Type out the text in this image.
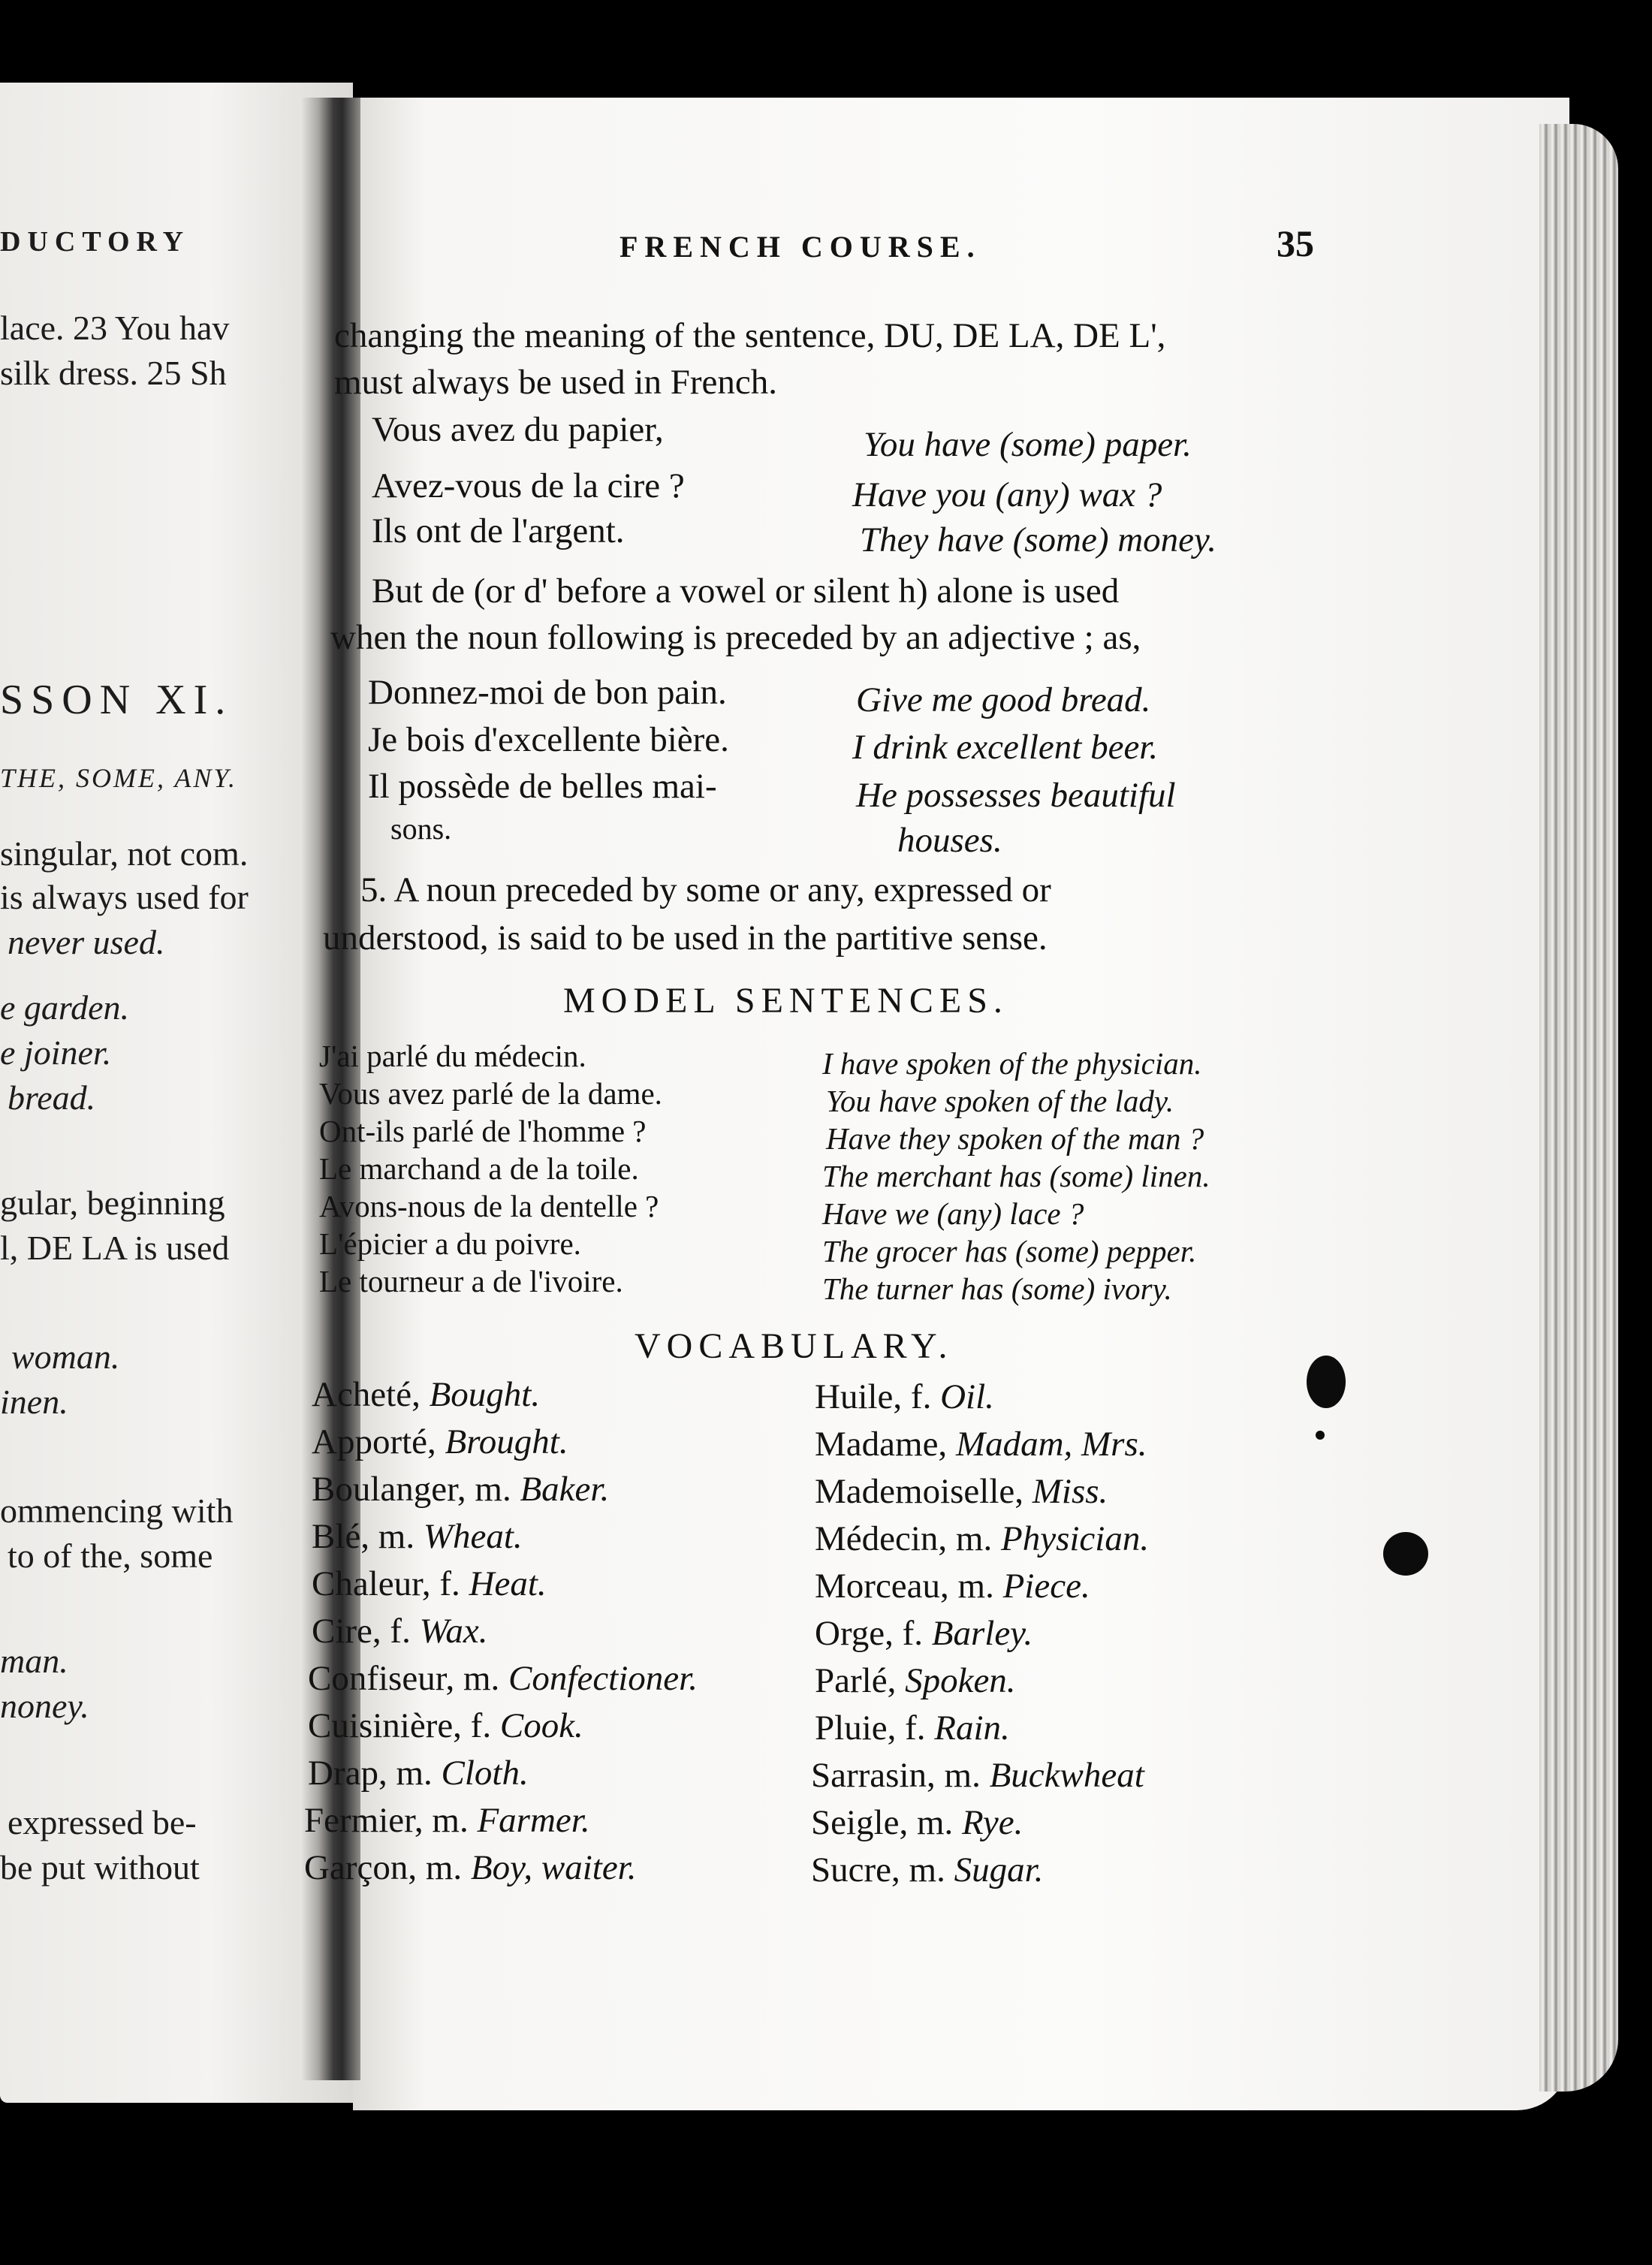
DUCTORY
lace. 23 You hav
silk dress. 25 Sh
SSON XI.
THE, SOME, ANY.
singular, not com.
is always used for
never used.
e garden.
e joiner.
bread.
gular, beginning
l, DE LA is used
woman.
inen.
ommencing with
to of the, some
man.
noney.
expressed be-
be put without
FRENCH COURSE.	35
changing the meaning of the sentence, DU, DE LA, DE L',
must always be used in French.
Vous avez du papier,	You have (some) paper.
Avez-vous de la cire ?	Have you (any) wax ?
Ils ont de l'argent.	They have (some) money.
But de (or d' before a vowel or silent h) alone is used
when the noun following is preceded by an adjective ; as,
Donnez-moi de bon pain.	Give me good bread.
Je bois d'excellente bière.	I drink excellent beer.
Il possède de belles mai-	He possesses beautiful
sons.	houses.
5. A noun preceded by some or any, expressed or
understood, is said to be used in the partitive sense.
MODEL SENTENCES.
J'ai parlé du médecin.	I have spoken of the physician.
Vous avez parlé de la dame.	You have spoken of the lady.
Ont-ils parlé de l'homme ?	Have they spoken of the man ?
Le marchand a de la toile.	The merchant has (some) linen.
Avons-nous de la dentelle ?	Have we (any) lace ?
L'épicier a du poivre.	The grocer has (some) pepper.
Le tourneur a de l'ivoire.	The turner has (some) ivory.
VOCABULARY.
Acheté, Bought.
Apporté, Brought.
Boulanger, m. Baker.
Blé, m. Wheat.
Chaleur, f. Heat.
Cire, f. Wax.
Confiseur, m. Confectioner.
Cuisinière, f. Cook.
Drap, m. Cloth.
Fermier, m. Farmer.
Garçon, m. Boy, waiter.
Huile, f. Oil.
Madame, Madam, Mrs.
Mademoiselle, Miss.
Médecin, m. Physician.
Morceau, m. Piece.
Orge, f. Barley.
Parlé, Spoken.
Pluie, f. Rain.
Sarrasin, m. Buckwheat
Seigle, m. Rye.
Sucre, m. Sugar.
